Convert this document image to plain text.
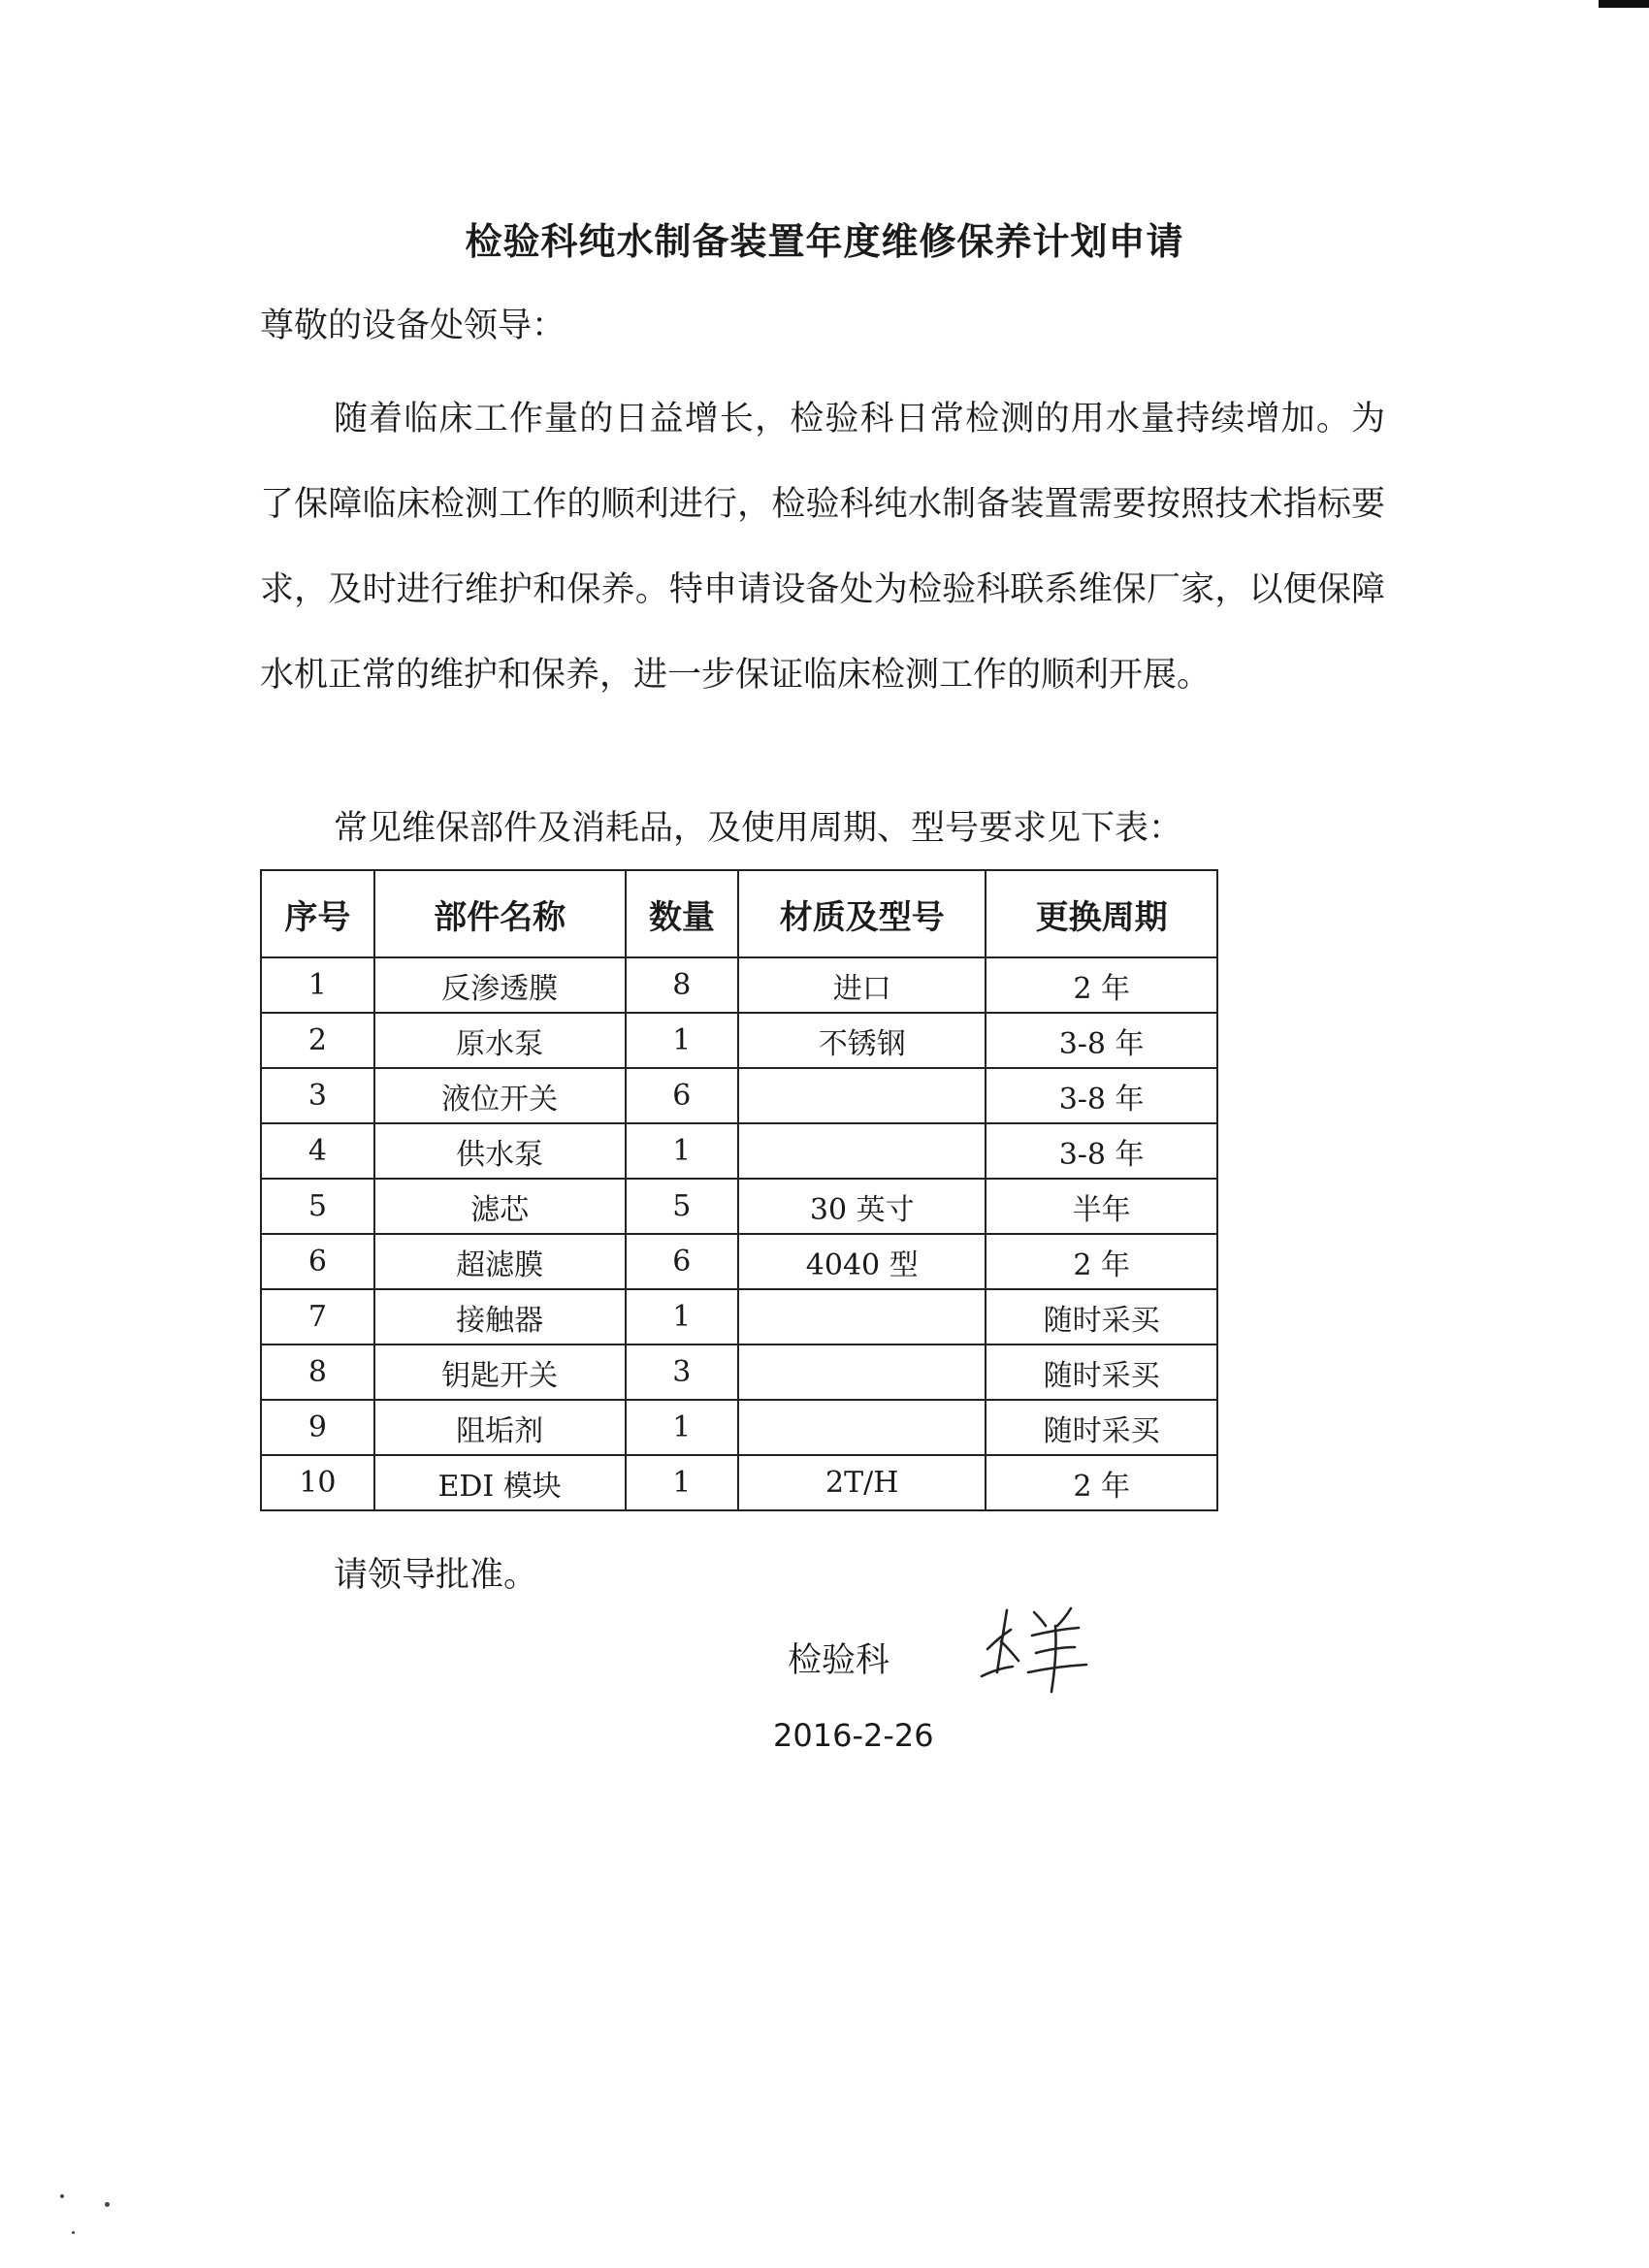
检验科纯水制备装置年度维修保养计划申请
尊敬的设备处领导：

随着临床工作量的日益增长，检验科日常检测的用水量持续增加。为了保障临床检测工作的顺利进行，检验科纯水制备装置需要按照技术指标要求，及时进行维护和保养。特申请设备处为检验科联系维保厂家，以便保障水机正常的维护和保养，进一步保证临床检测工作的顺利开展。

常见维保部件及消耗品，及使用周期、型号要求见下表：
序号	部件名称	数量	材质及型号	更换周期
1	反渗透膜	8	进口	2 年
2	原水泵	1	不锈钢	3-8 年
3	液位开关	6		3-8 年
4	供水泵	1		3-8 年
5	滤芯	5	30 英寸	半年
6	超滤膜	6	4040 型	2 年
7	接触器	1		随时采买
8	钥匙开关	3		随时采买
9	阻垢剂	1		随时采买
10	EDI 模块	1	2T/H	2 年
请领导批准。
检验科
2016-2-26
